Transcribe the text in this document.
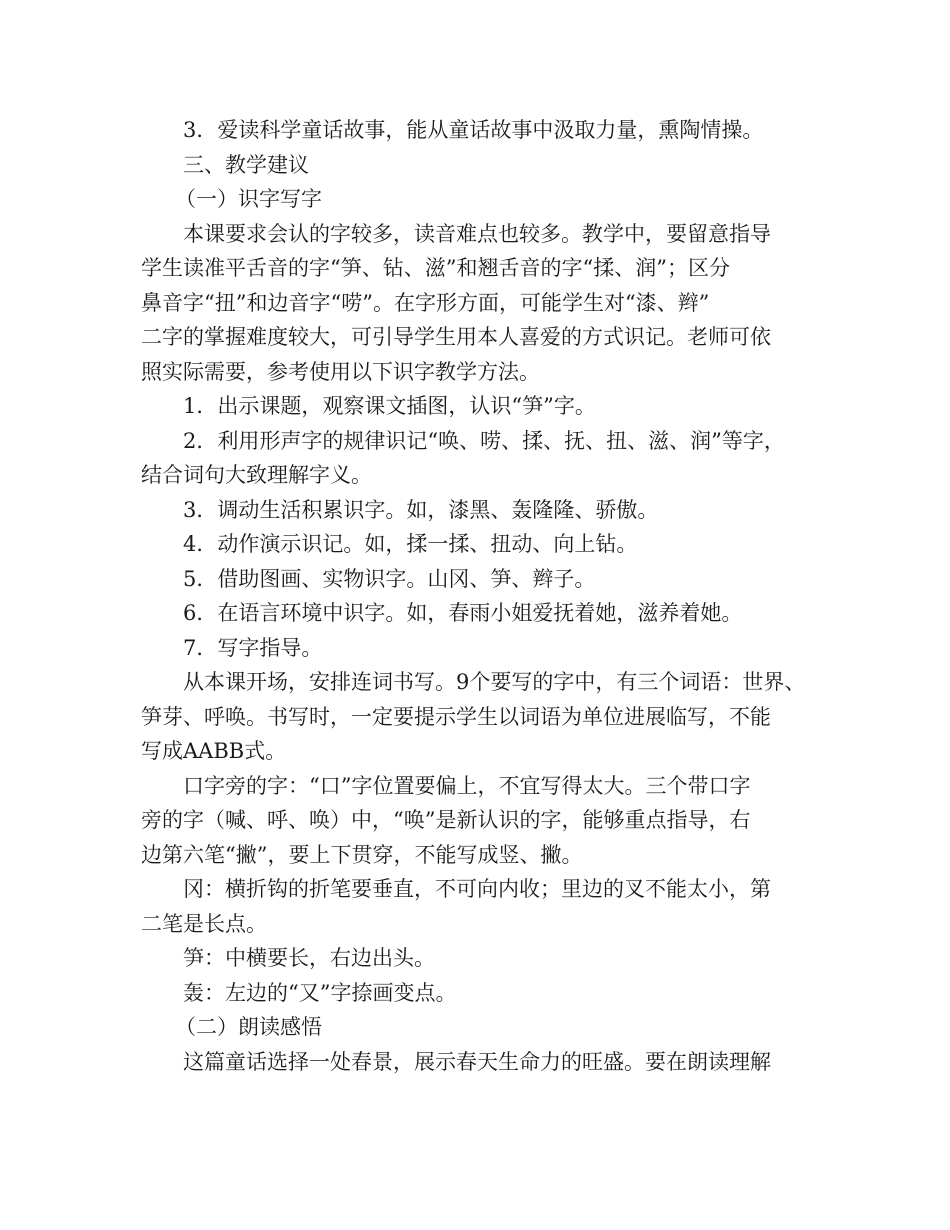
3．爱读科学童话故事，能从童话故事中汲取力量，熏陶情操。

三、教学建议

（一）识字写字

本课要求会认的字较多，读音难点也较多。教学中，要留意指导

学生读准平舌音的字“笋、钻、滋”和翘舌音的字“揉、润”；区分

鼻音字“扭”和边音字“唠”。在字形方面，可能学生对“漆、辫”

二字的掌握难度较大，可引导学生用本人喜爱的方式识记。老师可依

照实际需要，参考使用以下识字教学方法。

1．出示课题，观察课文插图，认识“笋”字。

2．利用形声字的规律识记“唤、唠、揉、抚、扭、滋、润”等字，

结合词句大致理解字义。

3．调动生活积累识字。如，漆黑、轰隆隆、骄傲。

4．动作演示识记。如，揉一揉、扭动、向上钻。

5．借助图画、实物识字。山冈、笋、辫子。

6．在语言环境中识字。如，春雨小姐爱抚着她，滋养着她。

7．写字指导。

从本课开场，安排连词书写。9个要写的字中，有三个词语：世界、

笋芽、呼唤。书写时，一定要提示学生以词语为单位进展临写，不能

写成AABB式。

口字旁的字：“口”字位置要偏上，不宜写得太大。三个带口字

旁的字（喊、呼、唤）中，“唤”是新认识的字，能够重点指导，右

边第六笔“撇”，要上下贯穿，不能写成竖、撇。

冈：横折钩的折笔要垂直，不可向内收；里边的叉不能太小，第

二笔是长点。

笋：中横要长，右边出头。

轰：左边的“又”字捺画变点。

（二）朗读感悟

这篇童话选择一处春景，展示春天生命力的旺盛。要在朗读理解
